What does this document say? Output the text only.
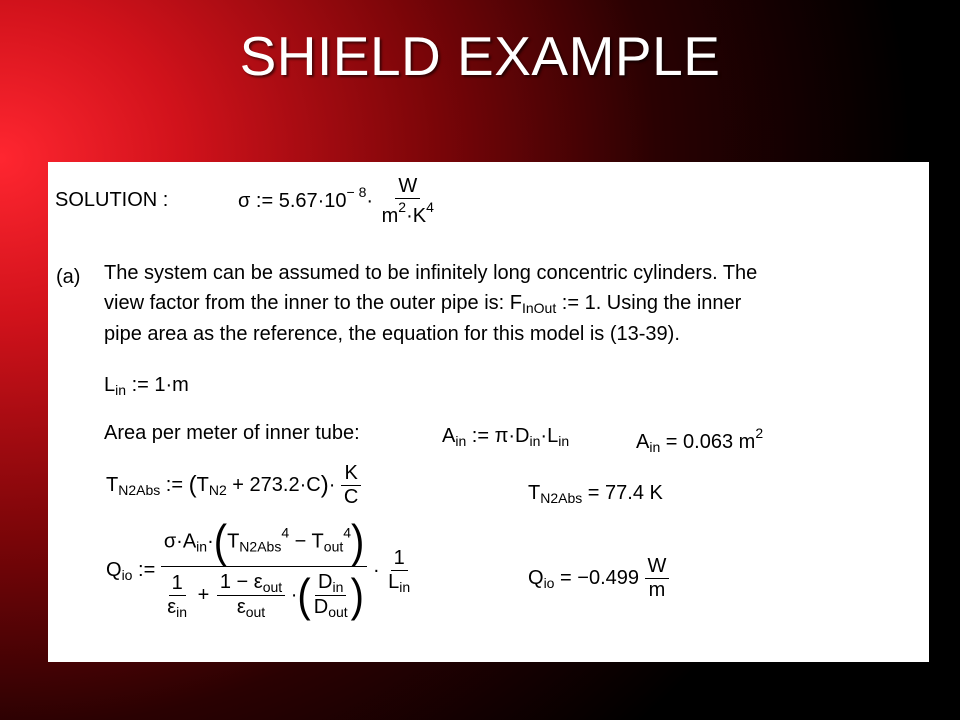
SHIELD EXAMPLE
SOLUTION :	σ := $5.67\cdot 10^{- 8}\cdot \frac{W}{m^2\cdot K^4}$
(a) The system can be assumed to be infinitely long concentric cylinders. The
view factor from the inner to the outer pipe is: $F_{InOut}$ := 1. Using the inner
pipe area as the reference, the equation for this model is (13-39).
$L_{in}$ := 1·m
Area per meter of inner tube:	$A_{in}$ := $\pi\cdot D_{in}\cdot L_{in}$	$A_{in} = 0.063$ $m^2$
$T_{N2Abs}$ := $(T_{N2} + 273.2\cdot C)\cdot \frac{K}{C}$	$T_{N2Abs} = 77.4$ K
$Q_{io}$ :=
$\sigma\cdot A_{in}\cdot(T_{N2Abs}^4 - T_{out}^4)$
$\frac{1}{\varepsilon_{in}} + \frac{1 - \varepsilon_{out}}{\varepsilon_{out}}$ ·( $\frac{D_{in}}{D_{out}}$ ) · $\frac{1}{L_{in}}$	$Q_{io} = -0.499 \frac{W}{m}$
